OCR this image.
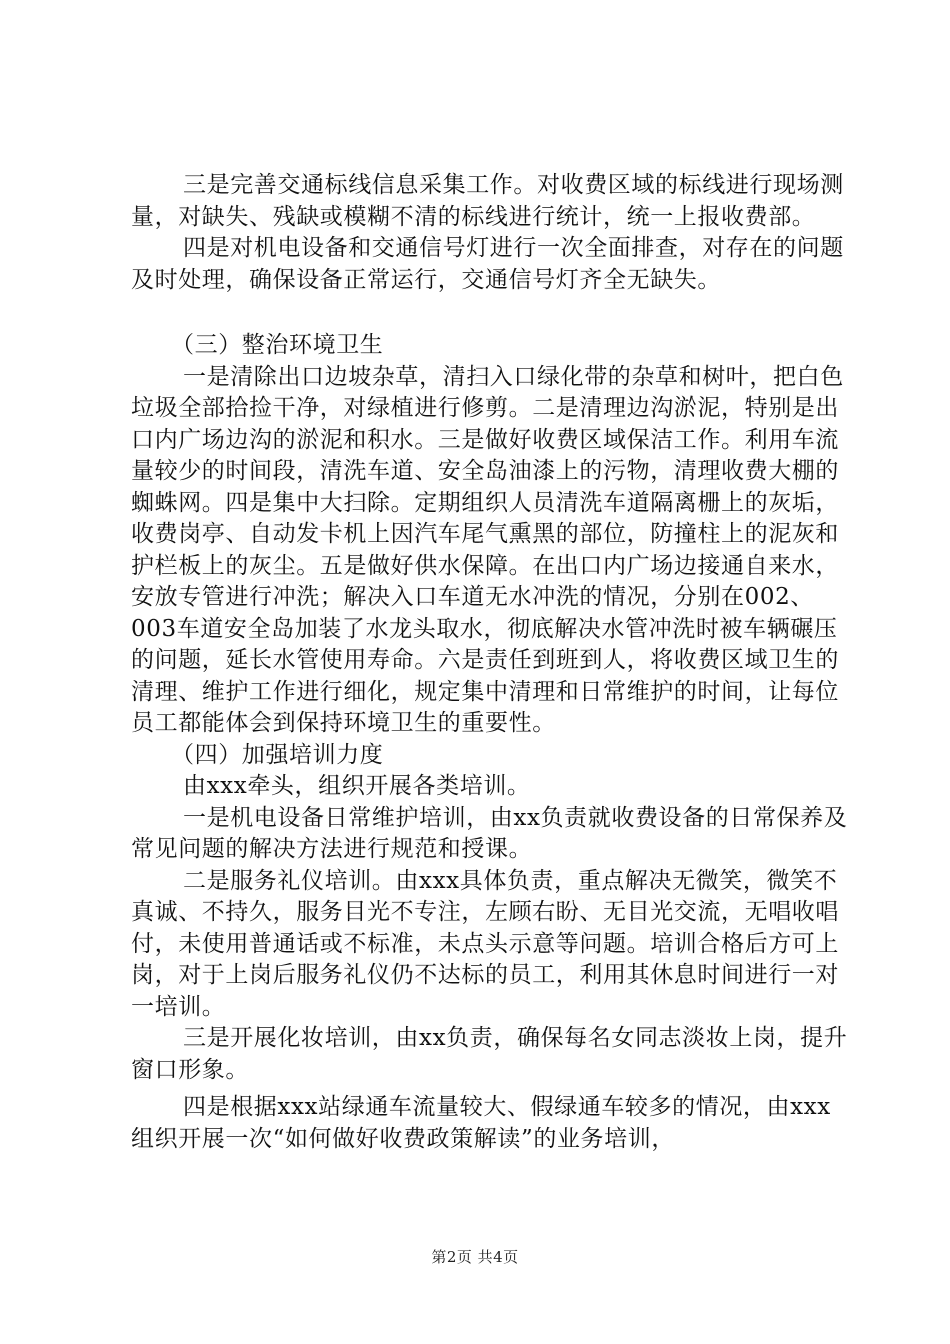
三是完善交通标线信息采集工作。对收费区域的标线进行现场测量，对缺失、残缺或模糊不清的标线进行统计，统一上报收费部。

四是对机电设备和交通信号灯进行一次全面排查，对存在的问题及时处理，确保设备正常运行，交通信号灯齐全无缺失。

（三）整治环境卫生

一是清除出口边坡杂草，清扫入口绿化带的杂草和树叶，把白色垃圾全部拾捡干净，对绿植进行修剪。二是清理边沟淤泥，特别是出口内广场边沟的淤泥和积水。三是做好收费区域保洁工作。利用车流量较少的时间段，清洗车道、安全岛油漆上的污物，清理收费大棚的蜘蛛网。四是集中大扫除。定期组织人员清洗车道隔离栅上的灰垢，收费岗亭、自动发卡机上因汽车尾气熏黑的部位，防撞柱上的泥灰和护栏板上的灰尘。五是做好供水保障。在出口内广场边接通自来水，安放专管进行冲洗；解决入口车道无水冲洗的情况，分别在002、003车道安全岛加装了水龙头取水，彻底解决水管冲洗时被车辆碾压的问题，延长水管使用寿命。六是责任到班到人，将收费区域卫生的清理、维护工作进行细化，规定集中清理和日常维护的时间，让每位员工都能体会到保持环境卫生的重要性。

（四）加强培训力度

由xxx牵头，组织开展各类培训。

一是机电设备日常维护培训，由xx负责就收费设备的日常保养及常见问题的解决方法进行规范和授课。

二是服务礼仪培训。由xxx具体负责，重点解决无微笑，微笑不真诚、不持久，服务目光不专注，左顾右盼、无目光交流，无唱收唱付，未使用普通话或不标准，未点头示意等问题。培训合格后方可上岗，对于上岗后服务礼仪仍不达标的员工，利用其休息时间进行一对一培训。

三是开展化妆培训，由xx负责，确保每名女同志淡妆上岗，提升窗口形象。

四是根据xxx站绿通车流量较大、假绿通车较多的情况，由xxx组织开展一次“如何做好收费政策解读”的业务培训，

第2页 共4页
